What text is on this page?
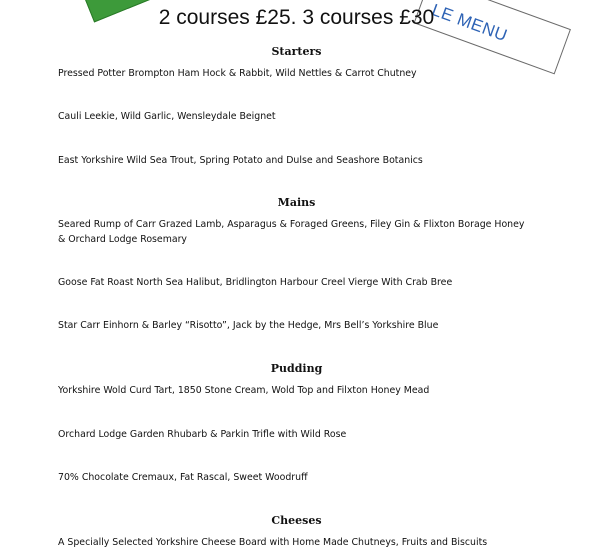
LE MENU
2 courses £25. 3 courses £30
Starters
Pressed Potter Brompton Ham Hock & Rabbit, Wild Nettles & Carrot Chutney
Cauli Leekie, Wild Garlic, Wensleydale Beignet
East Yorkshire Wild Sea Trout, Spring Potato and Dulse and Seashore Botanics
Mains
Seared Rump of Carr Grazed Lamb, Asparagus & Foraged Greens, Filey Gin & Flixton Borage Honey & Orchard Lodge Rosemary
Goose Fat Roast North Sea Halibut, Bridlington Harbour Creel Vierge With Crab Bree
Star Carr Einhorn & Barley “Risotto”, Jack by the Hedge, Mrs Bell’s Yorkshire Blue
Pudding
Yorkshire Wold Curd Tart, 1850 Stone Cream, Wold Top and Filxton Honey Mead
Orchard Lodge Garden Rhubarb & Parkin Trifle with Wild Rose
70% Chocolate Cremaux, Fat Rascal, Sweet Woodruff
Cheeses
A Specially Selected Yorkshire Cheese Board with Home Made Chutneys, Fruits and Biscuits
